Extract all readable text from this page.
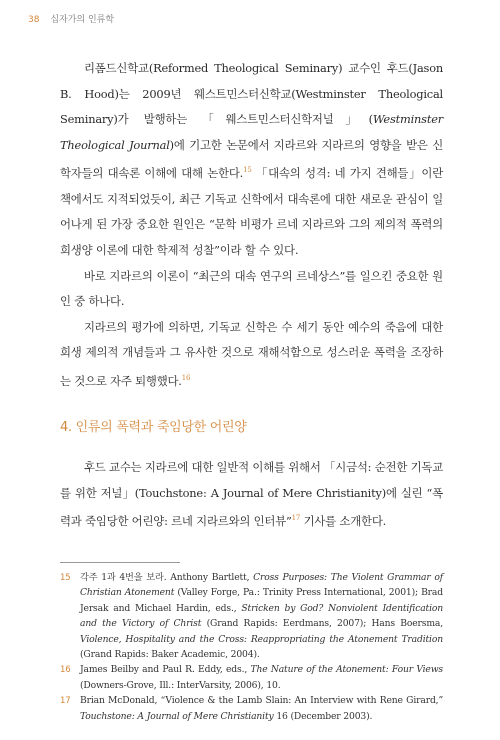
38 십자가의 인류학

리폼드신학교(Reformed Theological Seminary) 교수인 후드(Jason B. Hood)는 2009년 웨스트민스터신학교(Westminster Theological Seminary)가 발행하는 「웨스트민스터신학저널」(Westminster Theological Journal)에 기고한 논문에서 지라르와 지라르의 영향을 받은 신학자들의 대속론 이해에 대해 논한다.$^{15}$ 「대속의 성격: 네 가지 견해들」이란 책에서도 지적되었듯이, 최근 기독교 신학에서 대속론에 대한 새로운 관심이 일어나게 된 가장 중요한 원인은 “문학 비평가 르네 지라르와 그의 제의적 폭력의 희생양 이론에 대한 학제적 성찰”이라 할 수 있다.

바로 지라르의 이론이 “최근의 대속 연구의 르네상스”를 일으킨 중요한 원인 중 하나다.

지라르의 평가에 의하면, 기독교 신학은 수 세기 동안 예수의 죽음에 대한 희생 제의적 개념들과 그 유사한 것으로 재해석함으로 성스러운 폭력을 조장하는 것으로 자주 퇴행했다.$^{16}$

4. 인류의 폭력과 죽임당한 어린양

후드 교수는 지라르에 대한 일반적 이해를 위해서 「시금석: 순전한 기독교를 위한 저널」(Touchstone: A Journal of Mere Christianity)에 실린 “폭력과 죽임당한 어린양: 르네 지라르와의 인터뷰”$^{17}$ 기사를 소개한다.

15	각주 1과 4번을 보라. Anthony Bartlett, Cross Purposes: The Violent Grammar of Christian Atonement (Valley Forge, Pa.: Trinity Press International, 2001); Brad Jersak and Michael Hardin, eds., Stricken by God? Nonviolent Identification and the Victory of Christ (Grand Rapids: Eerdmans, 2007); Hans Boersma, Violence, Hospitality and the Cross: Reappropriating the Atonement Tradition (Grand Rapids: Baker Academic, 2004).
16	James Beilby and Paul R. Eddy, eds., The Nature of the Atonement: Four Views (Downers-Grove, Ill.: InterVarsity, 2006), 10.
17	Brian McDonald, “Violence & the Lamb Slain: An Interview with Rene Girard,” Touchstone: A Journal of Mere Christianity 16 (December 2003).
